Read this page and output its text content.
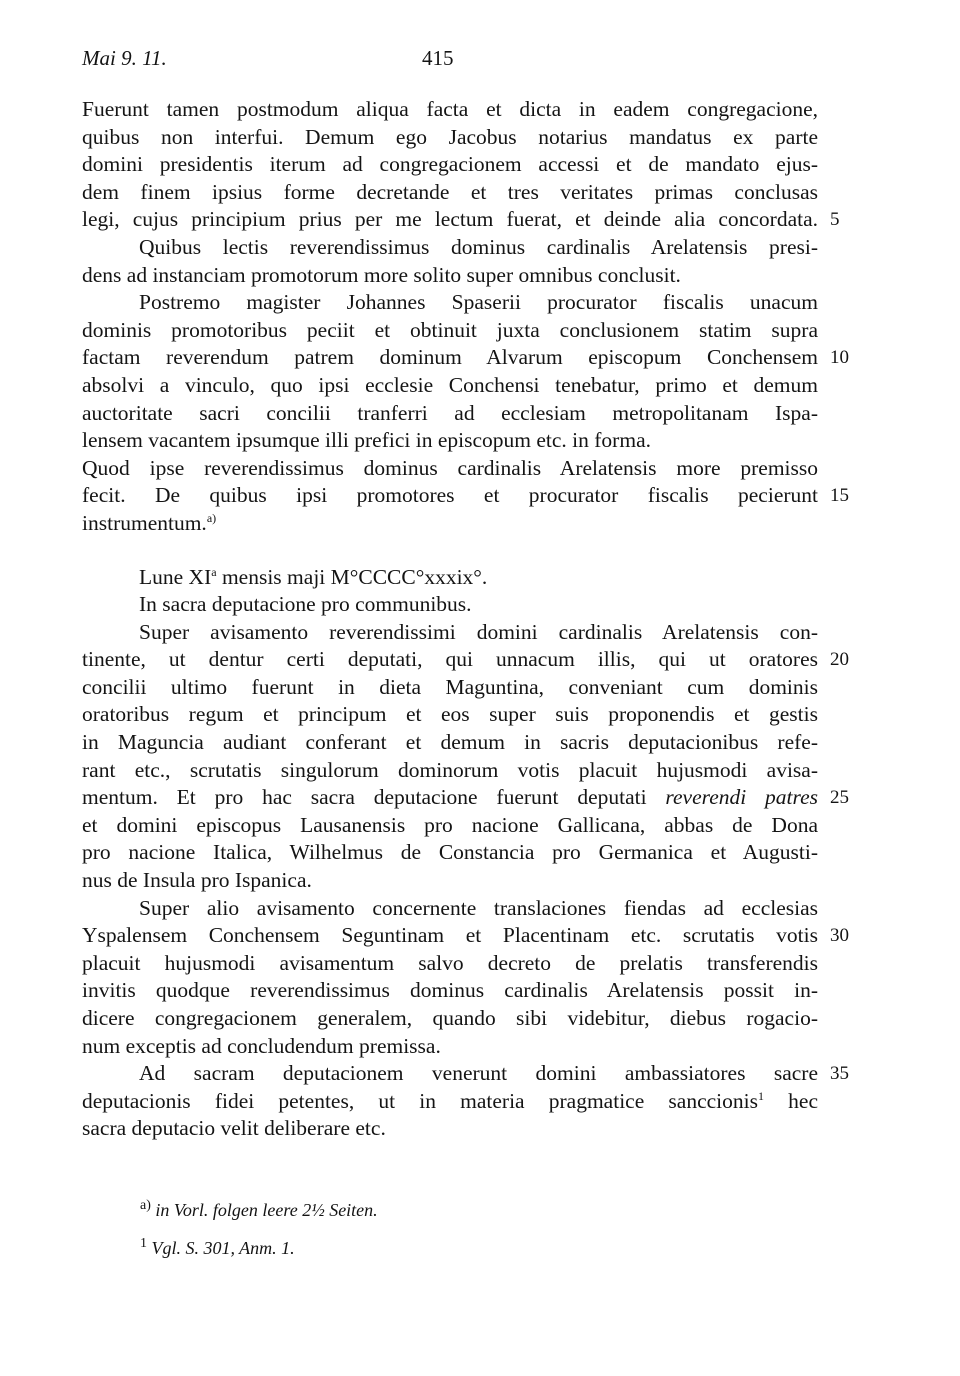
Mai 9. 11.	415
Fuerunt tamen postmodum aliqua facta et dicta in eadem congregacione,
quibus non interfui. Demum ego Jacobus notarius mandatus ex parte
domini presidentis iterum ad congregacionem accessi et de mandato ejus-
dem finem ipsius forme decretande et tres veritates primas conclusas
legi, cujus principium prius per me lectum fuerat, et deinde alia concordata. 5
Quibus lectis reverendissimus dominus cardinalis Arelatensis presi-
dens ad instanciam promotorum more solito super omnibus conclusit.
Postremo magister Johannes Spaserii procurator fiscalis unacum
dominis promotoribus peciit et obtinuit juxta conclusionem statim supra
factam reverendum patrem dominum Alvarum episcopum Conchensem 10
absolvi a vinculo, quo ipsi ecclesie Conchensi tenebatur, primo et demum
auctoritate sacri concilii tranferri ad ecclesiam metropolitanam Ispa-
lensem vacantem ipsumque illi prefici in episcopum etc. in forma.
Quod ipse reverendissimus dominus cardinalis Arelatensis more premisso
fecit. De quibus ipsi promotores et procurator fiscalis pecierunt 15
instrumentum.$^{a)}$
Lune $XI^a$ mensis maji M°CCCC°xxxix°.
In sacra deputacione pro communibus.
Super avisamento reverendissimi domini cardinalis Arelatensis con-
tinente, ut dentur certi deputati, qui unnacum illis, qui ut oratores 20
concilii ultimo fuerunt in dieta Maguntina, conveniant cum dominis
oratoribus regum et principum et eos super suis proponendis et gestis
in Maguncia audiant conferant et demum in sacris deputacionibus refe-
rant etc., scrutatis singulorum dominorum votis placuit hujusmodi avisa-
mentum. Et pro hac sacra deputacione fuerunt deputati reverendi patres 25
et domini episcopus Lausanensis pro nacione Gallicana, abbas de Dona
pro nacione Italica, Wilhelmus de Constancia pro Germanica et Augusti-
nus de Insula pro Ispanica.
Super alio avisamento concernente translaciones fiendas ad ecclesias
Yspalensem Conchensem Seguntinam et Placentinam etc. scrutatis votis 30
placuit hujusmodi avisamentum salvo decreto de prelatis transferendis
invitis quodque reverendissimus dominus cardinalis Arelatensis possit in-
dicere congregacionem generalem, quando sibi videbitur, diebus rogacio-
num exceptis ad concludendum premissa.
Ad sacram deputacionem venerunt domini ambassiatores sacre 35
deputacionis fidei petentes, ut in materia pragmatice sanccionis$^1$ hec
sacra deputacio velit deliberare etc.
$^{a)}$ in Vorl. folgen leere 2½ Seiten.
$^1$ Vgl. S. 301, Anm. 1.
